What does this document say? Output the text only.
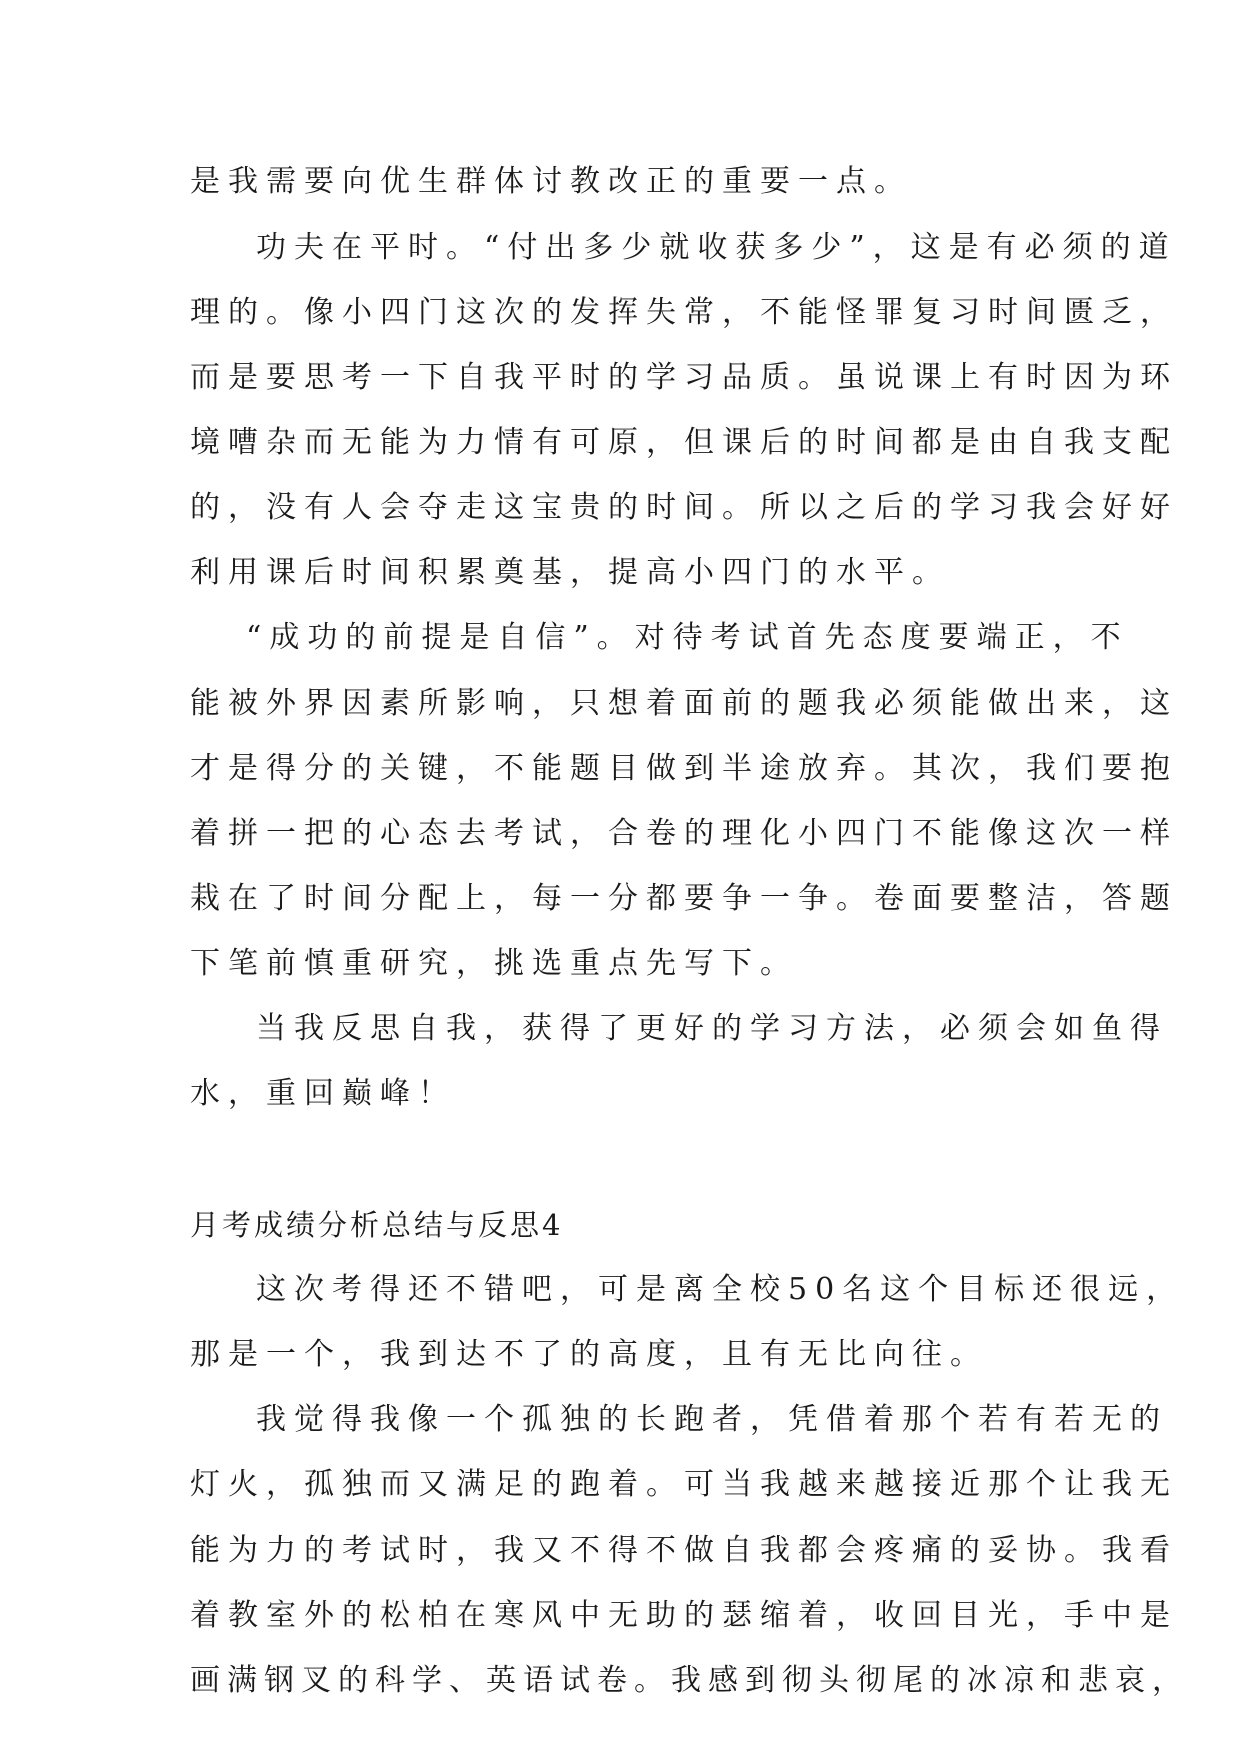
是我需要向优生群体讨教改正的重要一点。
功夫在平时。“付出多少就收获多少”，这是有必须的道
理的。像小四门这次的发挥失常，不能怪罪复习时间匮乏，
而是要思考一下自我平时的学习品质。虽说课上有时因为环
境嘈杂而无能为力情有可原，但课后的时间都是由自我支配
的，没有人会夺走这宝贵的时间。所以之后的学习我会好好
利用课后时间积累奠基，提高小四门的水平。
“成功的前提是自信”。对待考试首先态度要端正，不
能被外界因素所影响，只想着面前的题我必须能做出来，这
才是得分的关键，不能题目做到半途放弃。其次，我们要抱
着拼一把的心态去考试，合卷的理化小四门不能像这次一样
栽在了时间分配上，每一分都要争一争。卷面要整洁，答题
下笔前慎重研究，挑选重点先写下。
当我反思自我，获得了更好的学习方法，必须会如鱼得
水，重回巅峰！
月考成绩分析总结与反思4
这次考得还不错吧，可是离全校50名这个目标还很远，
那是一个，我到达不了的高度，且有无比向往。
我觉得我像一个孤独的长跑者，凭借着那个若有若无的
灯火，孤独而又满足的跑着。可当我越来越接近那个让我无
能为力的考试时，我又不得不做自我都会疼痛的妥协。我看
着教室外的松柏在寒风中无助的瑟缩着，收回目光，手中是
画满钢叉的科学、英语试卷。我感到彻头彻尾的冰凉和悲哀，
